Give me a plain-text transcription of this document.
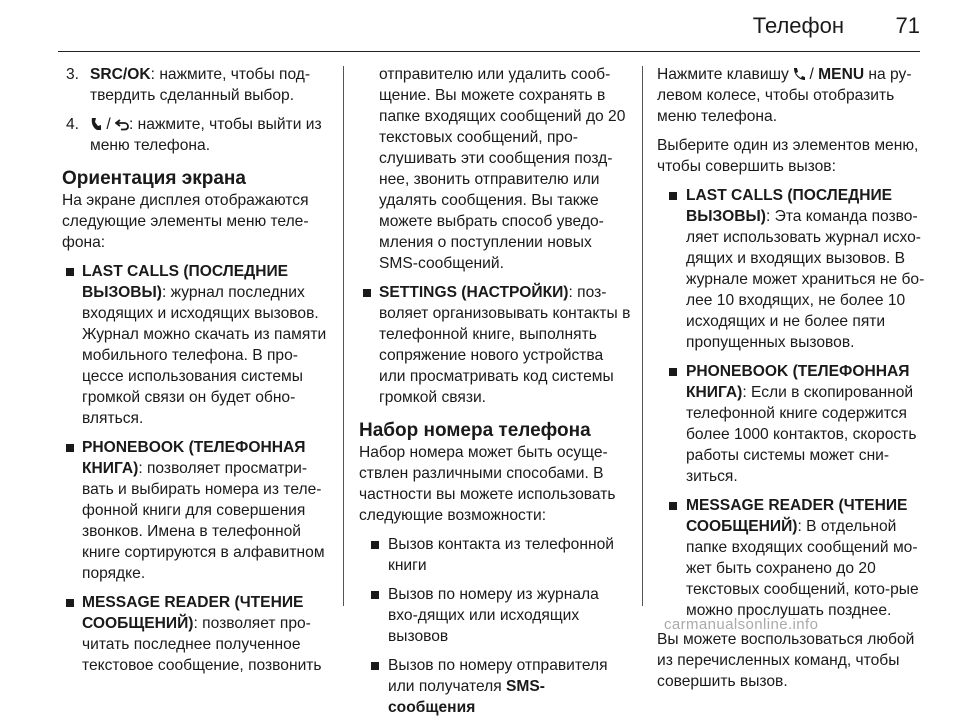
Телефон 71
3. SRC/OK: нажмите, чтобы под-твердить сделанный выбор.
4. / : нажмите, чтобы выйти из меню телефона.
Ориентация экрана
На экране дисплея отображаются следующие элементы меню теле-фона:
LAST CALLS (ПОСЛЕДНИЕ ВЫЗОВЫ): журнал последних входящих и исходящих вызовов. Журнал можно скачать из памяти мобильного телефона. В про-цессе использования системы громкой связи он будет обно-вляться.
PHONEBOOK (ТЕЛЕФОННАЯ КНИГА): позволяет просматри-вать и выбирать номера из теле-фонной книги для совершения звонков. Имена в телефонной книге сортируются в алфавитном порядке.
MESSAGE READER (ЧТЕНИЕ СООБЩЕНИЙ): позволяет про-читать последнее полученное текстовое сообщение, позвонить
отправителю или удалить сооб-щение. Вы можете сохранять в папке входящих сообщений до 20 текстовых сообщений, про-слушивать эти сообщения позд-нее, звонить отправителю или удалять сообщения. Вы также можете выбрать способ уведо-мления о поступлении новых SMS-сообщений.
SETTINGS (НАСТРОЙКИ): поз-воляет организовывать контакты в телефонной книге, выполнять сопряжение нового устройства или просматривать код системы громкой связи.
Набор номера телефона
Набор номера может быть осуще-ствлен различными способами. В частности вы можете использовать следующие возможности:
Вызов контакта из телефонной книги
Вызов по номеру из журнала вхо-дящих или исходящих вызовов
Вызов по номеру отправителя или получателя SMS-сообщения
Нажмите клавишу  / MENU на ру-левом колесе, чтобы отобразить меню телефона.
Выберите один из элементов меню, чтобы совершить вызов:
LAST CALLS (ПОСЛЕДНИЕ ВЫЗОВЫ): Эта команда позво-ляет использовать журнал исхо-дящих и входящих вызовов. В журнале может храниться не бо-лее 10 входящих, не более 10 исходящих и не более пяти пропущенных вызовов.
PHONEBOOK (ТЕЛЕФОННАЯ КНИГА): Если в скопированной телефонной книге содержится более 1000 контактов, скорость работы системы может сни-зиться.
MESSAGE READER (ЧТЕНИЕ СООБЩЕНИЙ): В отдельной папке входящих сообщений мо-жет быть сохранено до 20 текстовых сообщений, кото-рые можно прослушать позднее.
Вы можете воспользоваться любой из перечисленных команд, чтобы совершить вызов.
carmanualsonline.info
